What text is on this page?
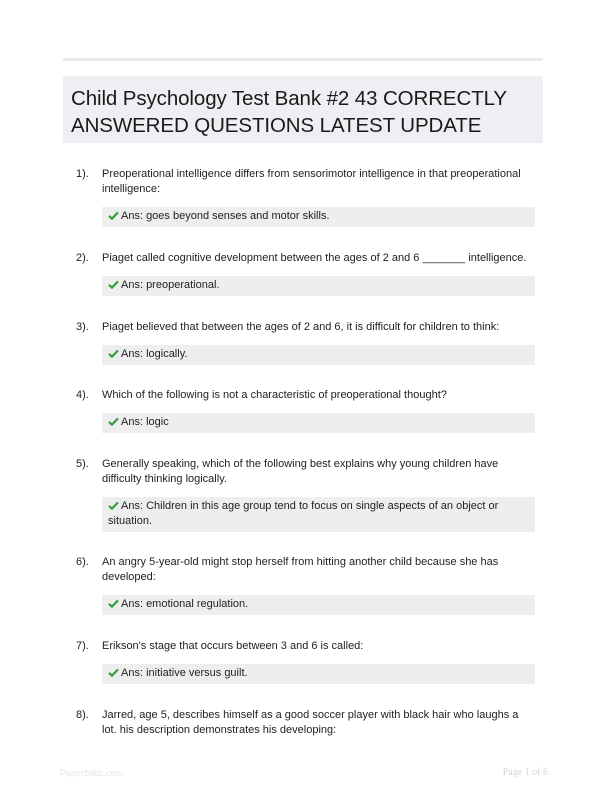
Child Psychology Test Bank #2 43 CORRECTLY ANSWERED QUESTIONS LATEST UPDATE
1). Preoperational intelligence differs from sensorimotor intelligence in that preoperational intelligence:
Ans: goes beyond senses and motor skills.
2). Piaget called cognitive development between the ages of 2 and 6 _______ intelligence.
Ans: preoperational.
3). Piaget believed that between the ages of 2 and 6, it is difficult for children to think:
Ans: logically.
4). Which of the following is not a characteristic of preoperational thought?
Ans: logic
5). Generally speaking, which of the following best explains why young children have difficulty thinking logically.
Ans: Children in this age group tend to focus on single aspects of an object or situation.
6). An angry 5-year-old might stop herself from hitting another child because she has developed:
Ans: emotional regulation.
7). Erikson's stage that occurs between 3 and 6 is called:
Ans: initiative versus guilt.
8). Jarred, age 5, describes himself as a good soccer player with black hair who laughs a lot. his description demonstrates his developing:
PaperStitic.com	Page 1 of 6
